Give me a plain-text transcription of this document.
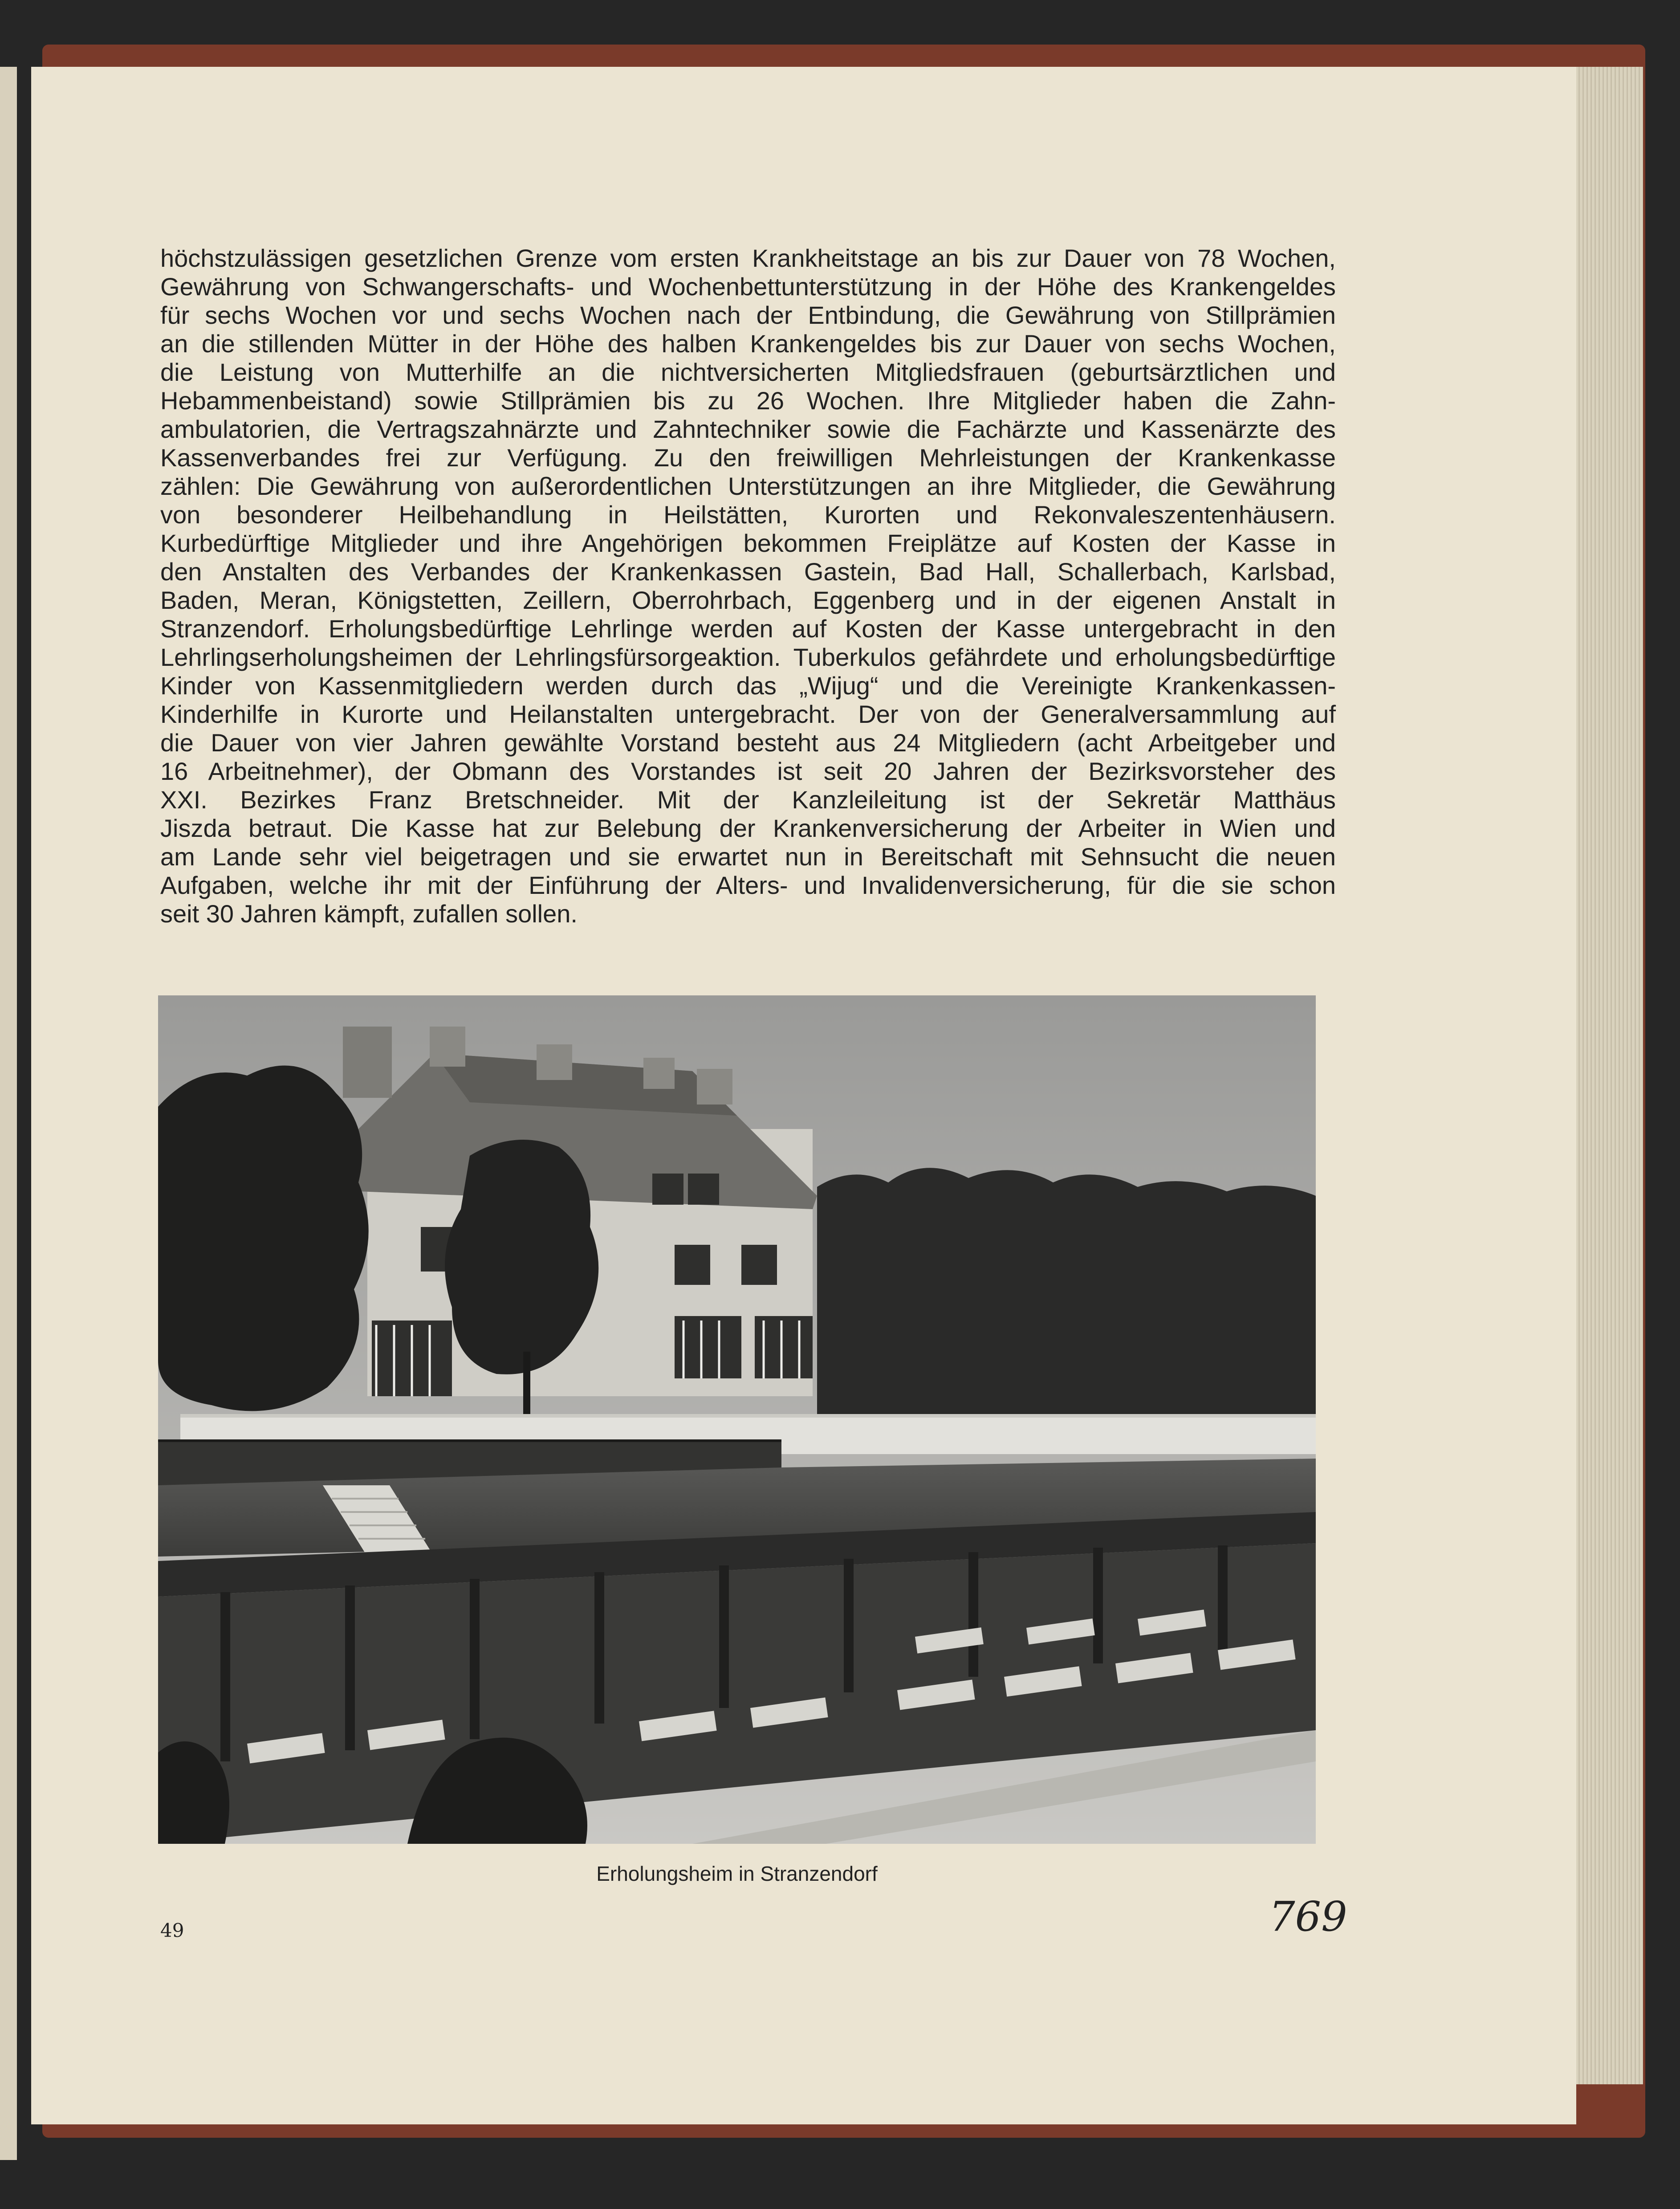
höchstzulässigen gesetzlichen Grenze vom ersten Krankheitstage an bis zur Dauer von 78 Wochen,
Gewährung von Schwangerschafts- und Wochenbettunterstützung in der Höhe des Krankengeldes
für sechs Wochen vor und sechs Wochen nach der Entbindung, die Gewährung von Stillprämien
an die stillenden Mütter in der Höhe des halben Krankengeldes bis zur Dauer von sechs Wochen,
die Leistung von Mutterhilfe an die nichtversicherten Mitgliedsfrauen (geburtsärztlichen und
Hebammenbeistand) sowie Stillprämien bis zu 26 Wochen. Ihre Mitglieder haben die Zahn-
ambulatorien, die Vertragszahnärzte und Zahntechniker sowie die Fachärzte und Kassenärzte des
Kassenverbandes frei zur Verfügung. Zu den freiwilligen Mehrleistungen der Krankenkasse
zählen: Die Gewährung von außerordentlichen Unterstützungen an ihre Mitglieder, die Gewährung
von besonderer Heilbehandlung in Heilstätten, Kurorten und Rekonvaleszentenhäusern.
Kurbedürftige Mitglieder und ihre Angehörigen bekommen Freiplätze auf Kosten der Kasse in
den Anstalten des Verbandes der Krankenkassen Gastein, Bad Hall, Schallerbach, Karlsbad,
Baden, Meran, Königstetten, Zeillern, Oberrohrbach, Eggenberg und in der eigenen Anstalt in
Stranzendorf. Erholungsbedürftige Lehrlinge werden auf Kosten der Kasse untergebracht in den
Lehrlingserholungsheimen der Lehrlingsfürsorgeaktion. Tuberkulos gefährdete und erholungsbedürftige
Kinder von Kassenmitgliedern werden durch das „Wijug“ und die Vereinigte Krankenkassen-
Kinderhilfe in Kurorte und Heilanstalten untergebracht. Der von der Generalversammlung auf
die Dauer von vier Jahren gewählte Vorstand besteht aus 24 Mitgliedern (acht Arbeitgeber und
16 Arbeitnehmer), der Obmann des Vorstandes ist seit 20 Jahren der Bezirksvorsteher des
XXI. Bezirkes Franz Bretschneider. Mit der Kanzleileitung ist der Sekretär Matthäus
Jiszda betraut. Die Kasse hat zur Belebung der Krankenversicherung der Arbeiter in Wien und
am Lande sehr viel beigetragen und sie erwartet nun in Bereitschaft mit Sehnsucht die neuen
Aufgaben, welche ihr mit der Einführung der Alters- und Invalidenversicherung, für die sie schon
seit 30 Jahren kämpft, zufallen sollen.
Erholungsheim in Stranzendorf
49	769
